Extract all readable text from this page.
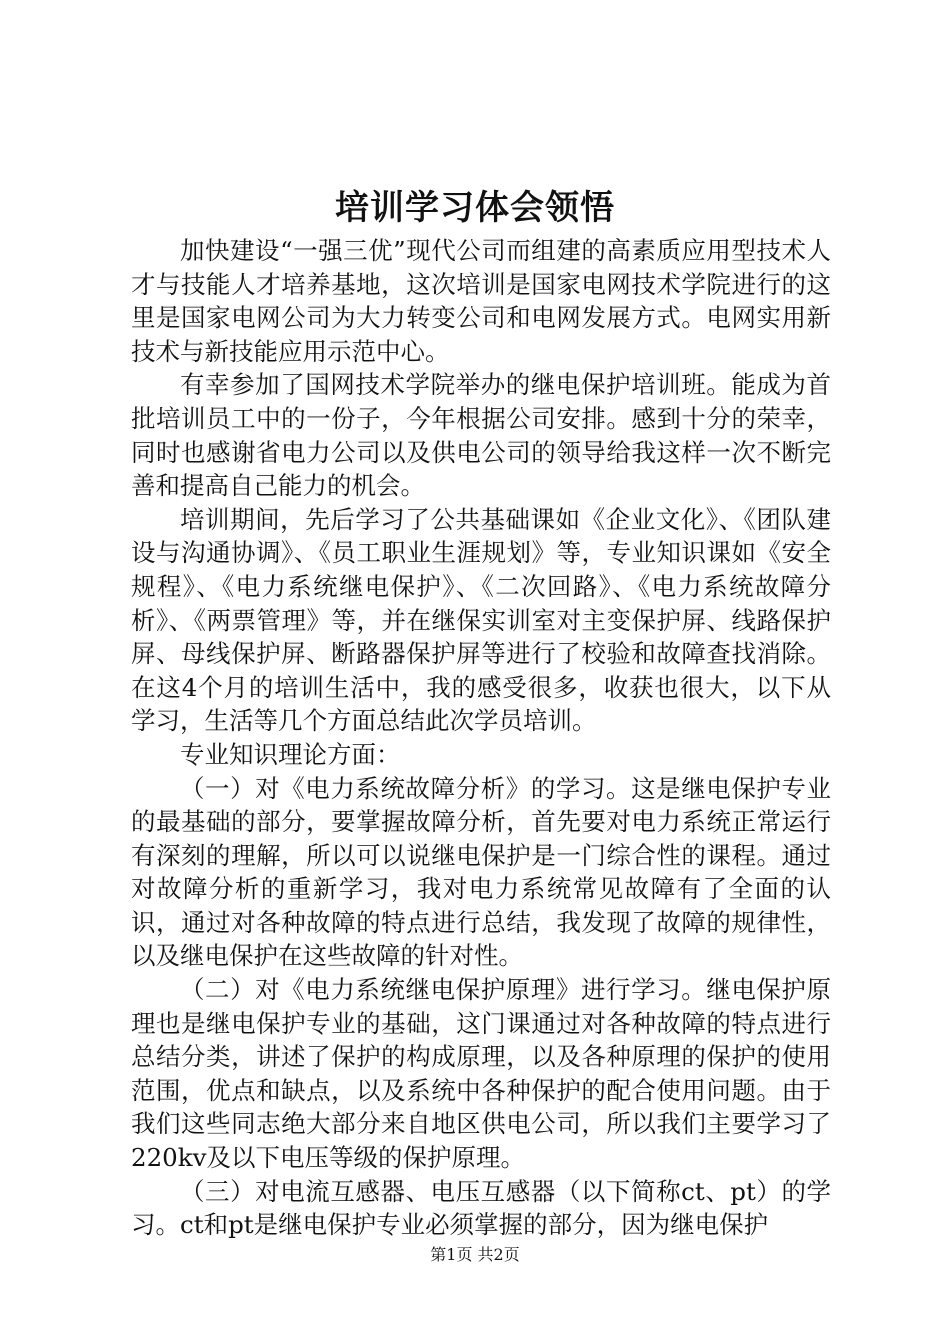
培训学习体会领悟

加快建设“一强三优”现代公司而组建的高素质应用型技术人才与技能人才培养基地，这次培训是国家电网技术学院进行的这里是国家电网公司为大力转变公司和电网发展方式。电网实用新技术与新技能应用示范中心。

有幸参加了国网技术学院举办的继电保护培训班。能成为首批培训员工中的一份子，今年根据公司安排。感到十分的荣幸，同时也感谢省电力公司以及供电公司的领导给我这样一次不断完善和提高自己能力的机会。

培训期间，先后学习了公共基础课如《企业文化》、《团队建设与沟通协调》、《员工职业生涯规划》等，专业知识课如《安全规程》、《电力系统继电保护》、《二次回路》、《电力系统故障分析》、《两票管理》等，并在继保实训室对主变保护屏、线路保护屏、母线保护屏、断路器保护屏等进行了校验和故障查找消除。在这4个月的培训生活中，我的感受很多，收获也很大，以下从学习，生活等几个方面总结此次学员培训。

专业知识理论方面：

（一）对《电力系统故障分析》的学习。这是继电保护专业的最基础的部分，要掌握故障分析，首先要对电力系统正常运行有深刻的理解，所以可以说继电保护是一门综合性的课程。通过对故障分析的重新学习，我对电力系统常见故障有了全面的认识，通过对各种故障的特点进行总结，我发现了故障的规律性，以及继电保护在这些故障的针对性。

（二）对《电力系统继电保护原理》进行学习。继电保护原理也是继电保护专业的基础，这门课通过对各种故障的特点进行总结分类，讲述了保护的构成原理，以及各种原理的保护的使用范围，优点和缺点，以及系统中各种保护的配合使用问题。由于我们这些同志绝大部分来自地区供电公司，所以我们主要学习了220kv及以下电压等级的保护原理。

（三）对电流互感器、电压互感器（以下简称ct、pt）的学习。ct和pt是继电保护专业必须掌握的部分，因为继电保护

第1页 共2页
